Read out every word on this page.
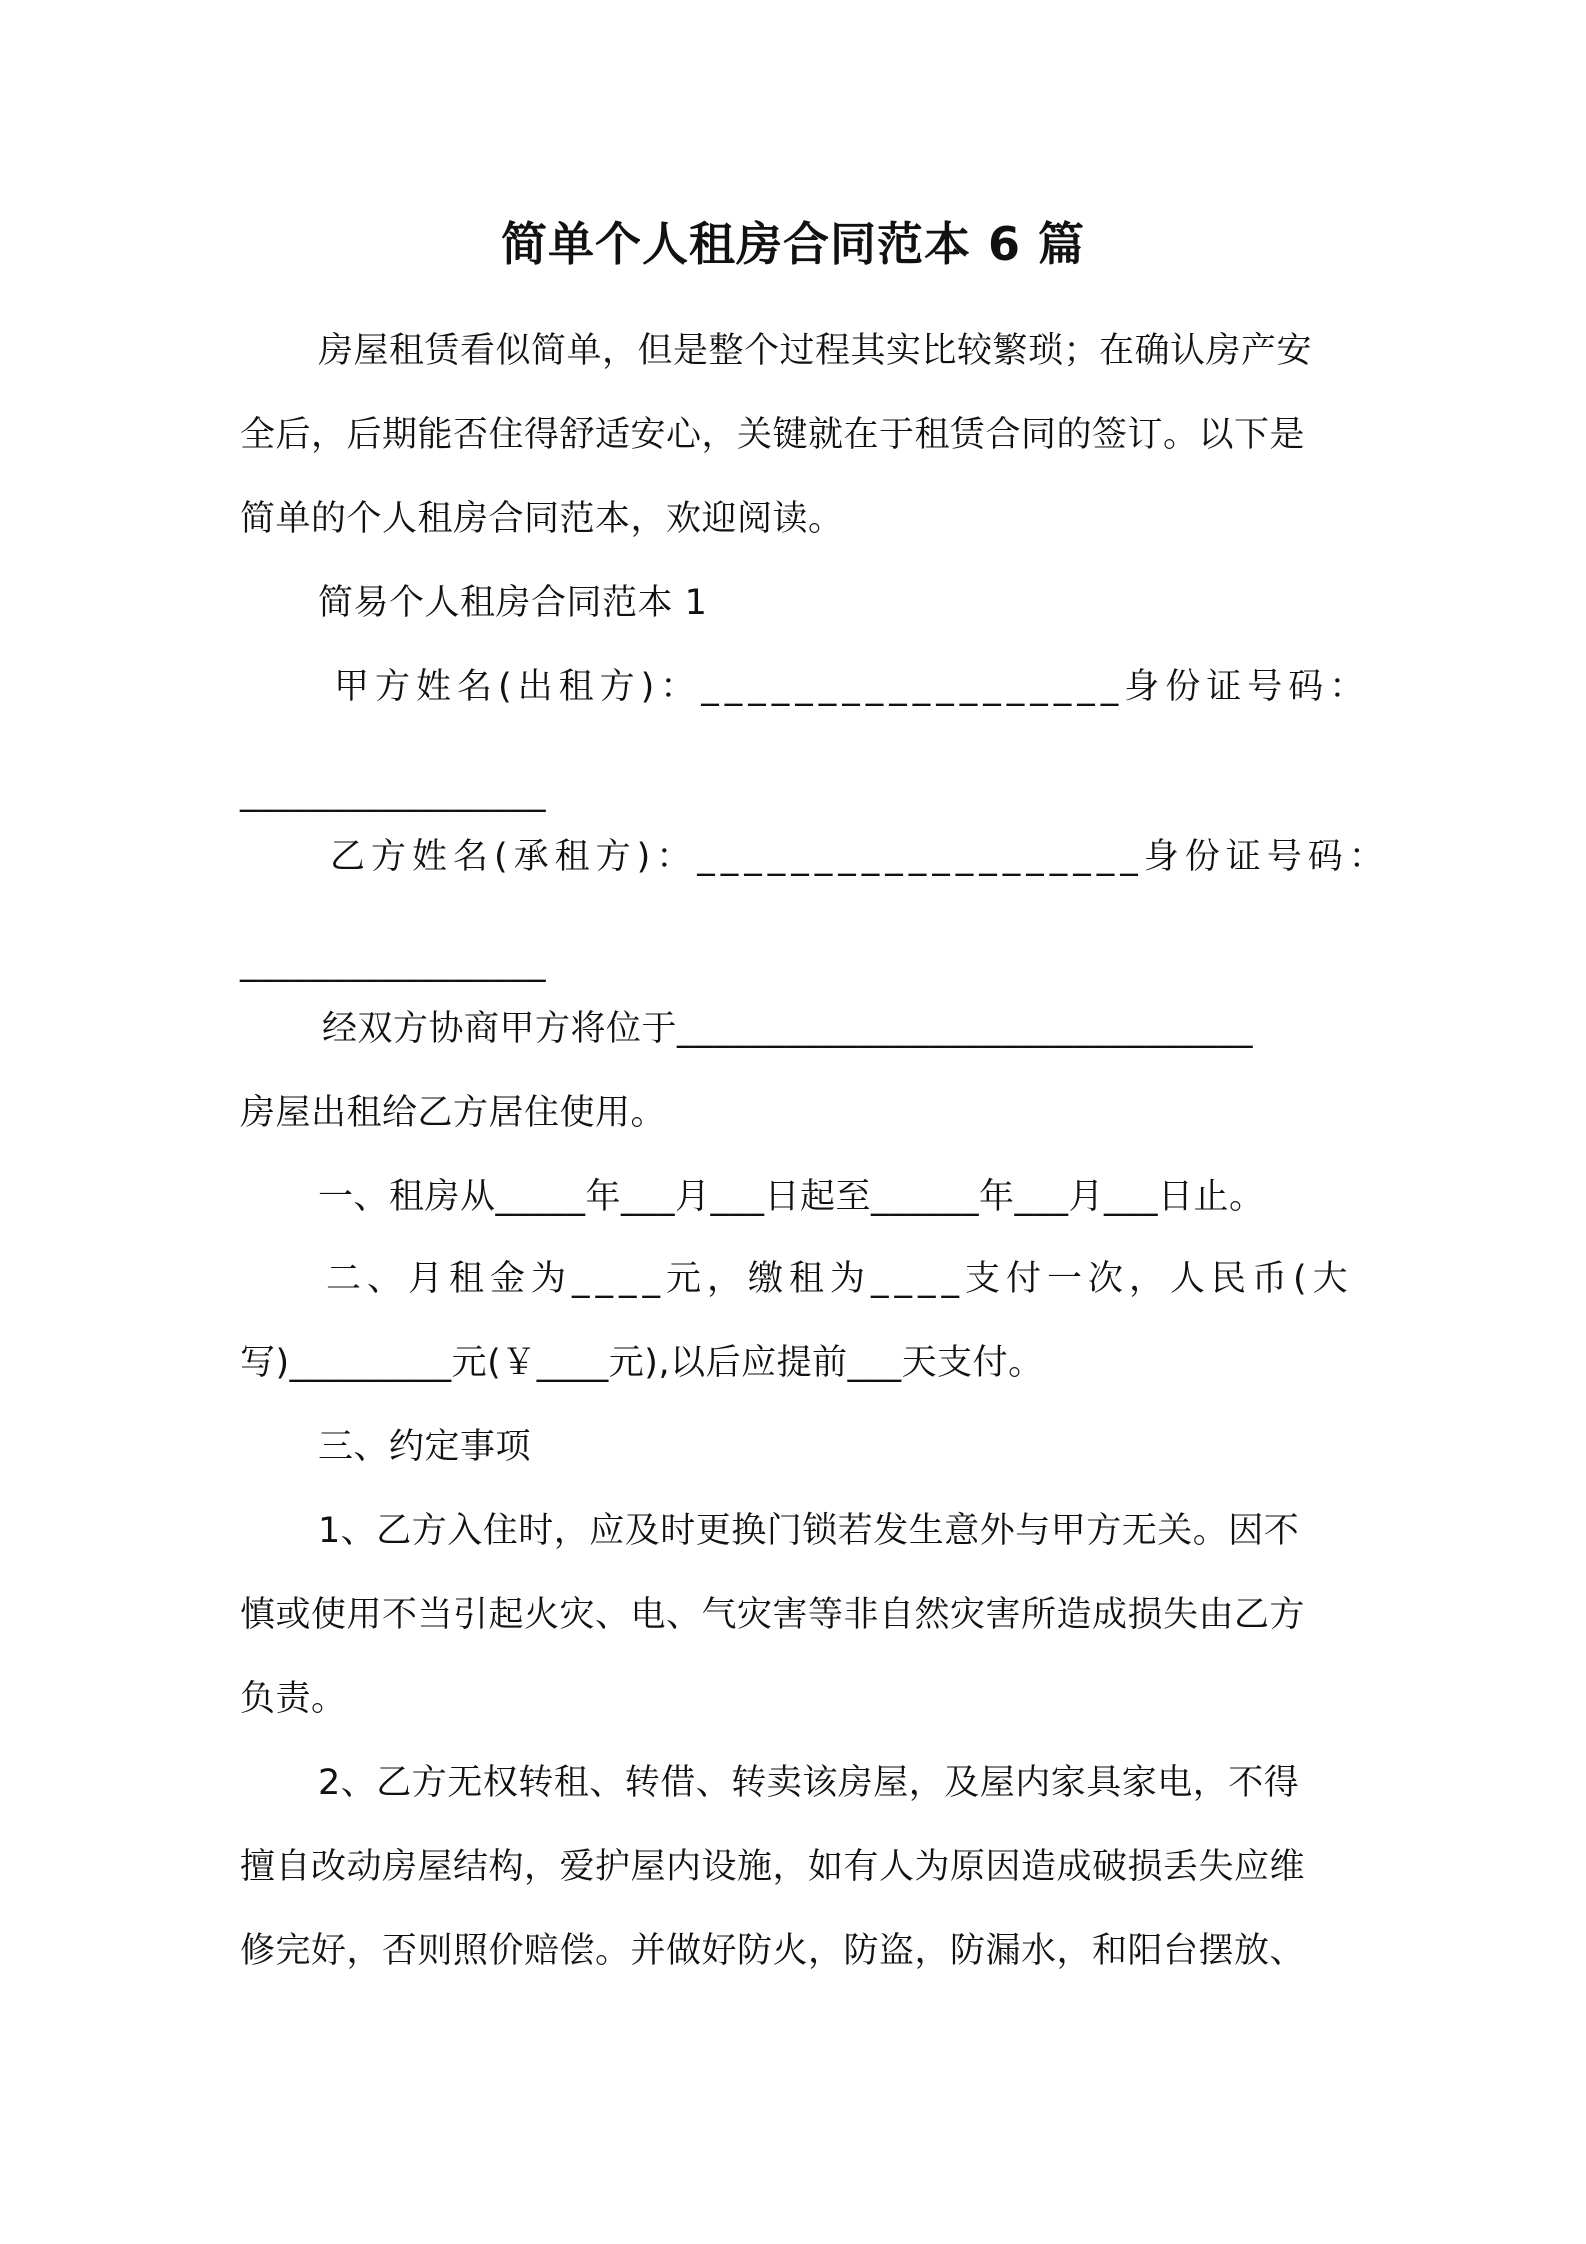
简单个人租房合同范本 6 篇
房屋租赁看似简单，但是整个过程其实比较繁琐；在确认房产安
全后，后期能否住得舒适安心，关键就在于租赁合同的签订。以下是
简单的个人租房合同范本，欢迎阅读。
简易个人租房合同范本 1
甲方姓名(出租方)：__________________身份证号码：
_________________
乙方姓名(承租方)：___________________身份证号码：
_________________
经双方协商甲方将位于________________________________
房屋出租给乙方居住使用。
一、租房从_____年___月___日起至______年___月___日止。
二、月租金为____元，缴租为____支付一次，人民币(大
写)_________元(￥____元),以后应提前___天支付。
三、约定事项
1、乙方入住时，应及时更换门锁若发生意外与甲方无关。因不
慎或使用不当引起火灾、电、气灾害等非自然灾害所造成损失由乙方
负责。
2、乙方无权转租、转借、转卖该房屋，及屋内家具家电，不得
擅自改动房屋结构，爱护屋内设施，如有人为原因造成破损丢失应维
修完好，否则照价赔偿。并做好防火，防盗，防漏水，和阳台摆放、
